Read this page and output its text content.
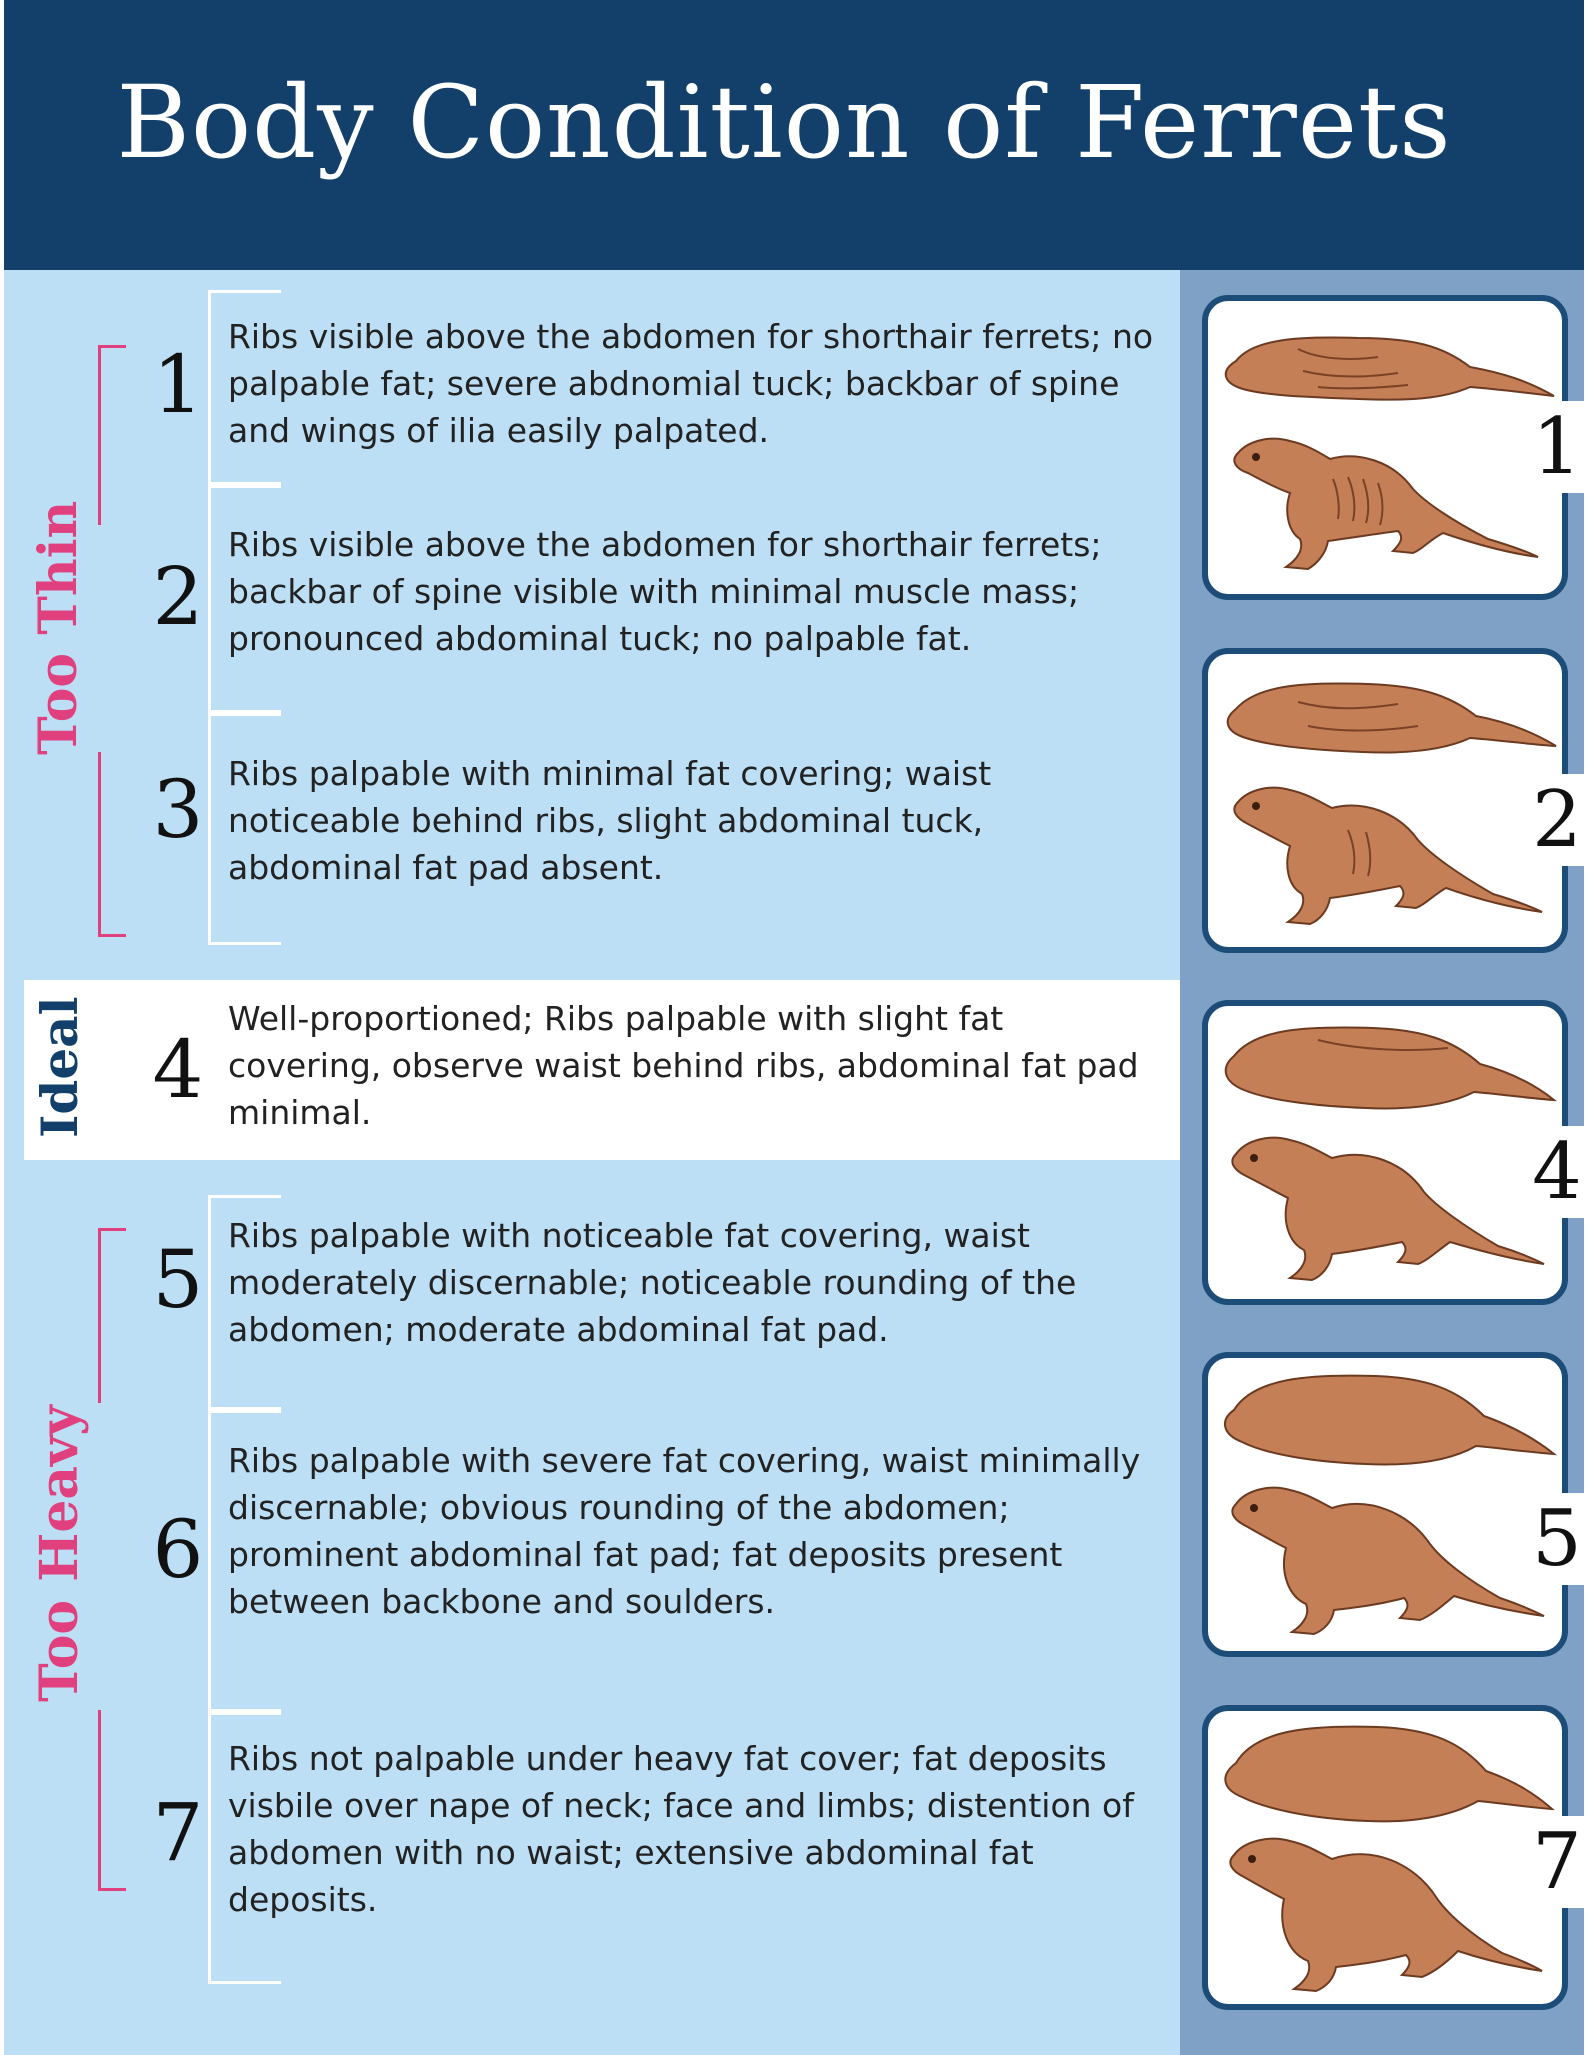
Body Condition of Ferrets
Too Thin
Ideal
Too Heavy
1
Ribs visible above the abdomen for shorthair ferrets; no palpable fat; severe abdnomial tuck; backbar of spine and wings of ilia easily palpated.
2
Ribs visible above the abdomen for shorthair ferrets; backbar of spine visible with minimal muscle mass; pronounced abdominal tuck; no palpable fat.
3 Ribs palpable with minimal fat covering; waist noticeable behind ribs, slight abdominal tuck, abdominal fat pad absent.
4
Well-proportioned; Ribs palpable with slight fat covering, observe waist behind ribs, abdominal fat pad minimal.
5 Ribs palpable with noticeable fat covering, waist moderately discernable; noticeable rounding of the abdomen; moderate abdominal fat pad.
6
Ribs palpable with severe fat covering, waist minimally discernable; obvious rounding of the abdomen; prominent abdominal fat pad; fat deposits present between backbone and soulders.
7
Ribs not palpable under heavy fat cover; fat deposits visbile over nape of neck; face and limbs; distention of abdomen with no waist; extensive abdominal fat deposits.
1
2
4
5
7
